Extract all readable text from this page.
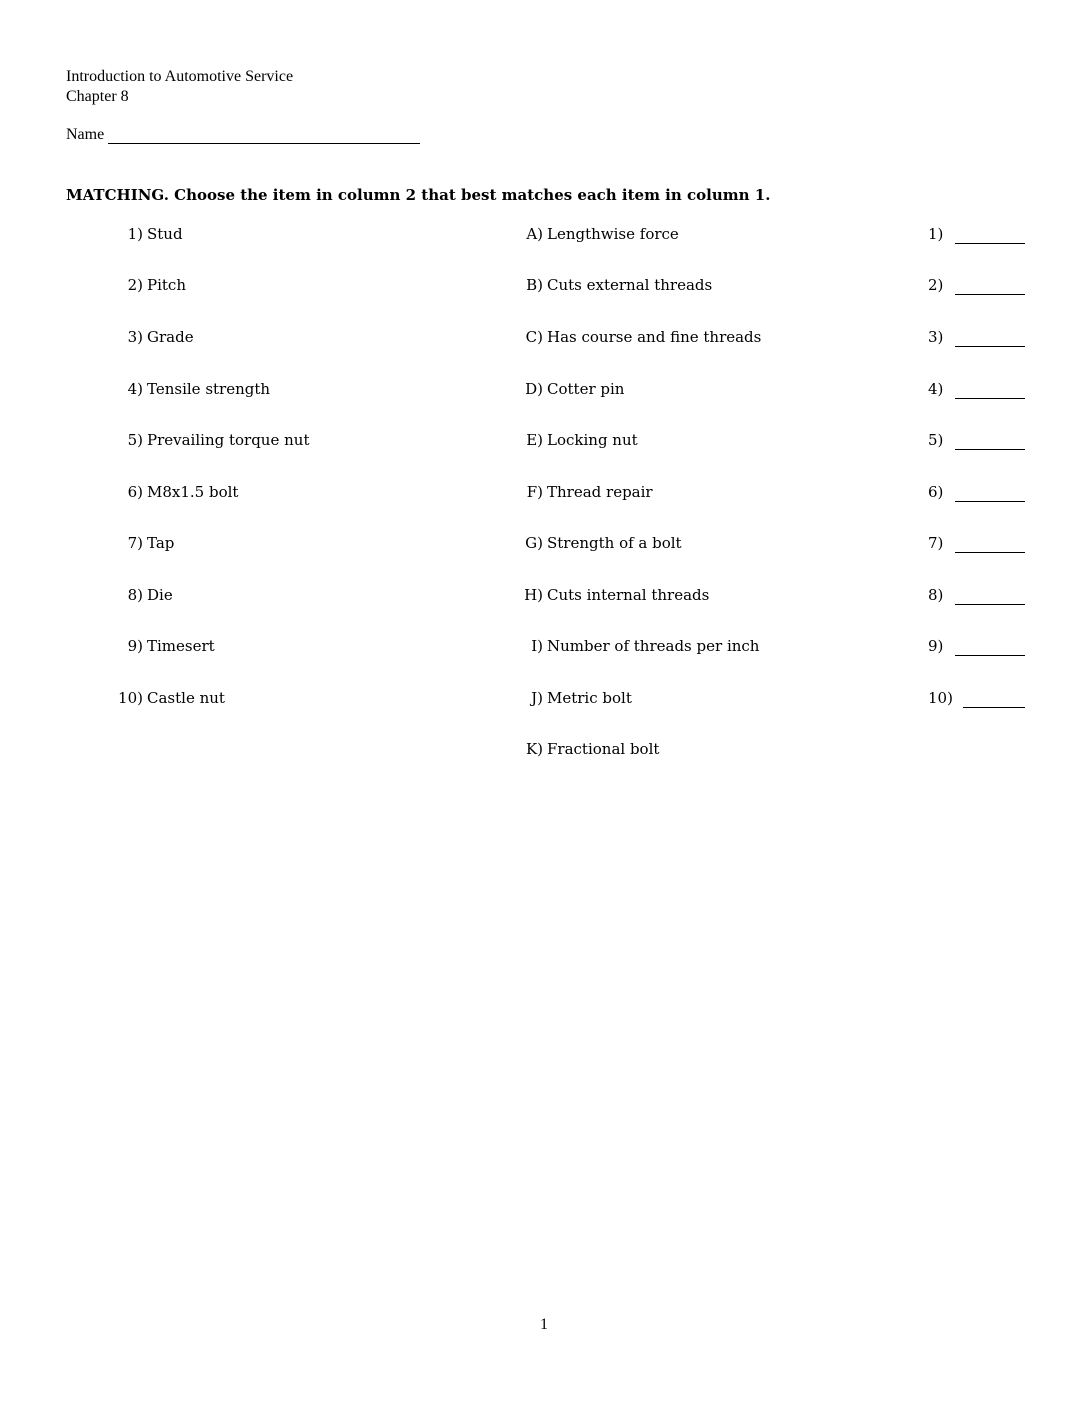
Introduction to Automotive Service
Chapter 8
Name
MATCHING. Choose the item in column 2 that best matches each item in column 1.
1) Stud	A) Lengthwise force	1)
2) Pitch	B) Cuts external threads	2)
3) Grade	C) Has course and fine threads	3)
4) Tensile strength	D) Cotter pin	4)
5) Prevailing torque nut	E) Locking nut	5)
6) M8x1.5 bolt	F) Thread repair	6)
7) Tap	G) Strength of a bolt	7)
8) Die	H) Cuts internal threads	8)
9) Timesert	I) Number of threads per inch	9)
10) Castle nut	J) Metric bolt	10)
K) Fractional bolt
1
